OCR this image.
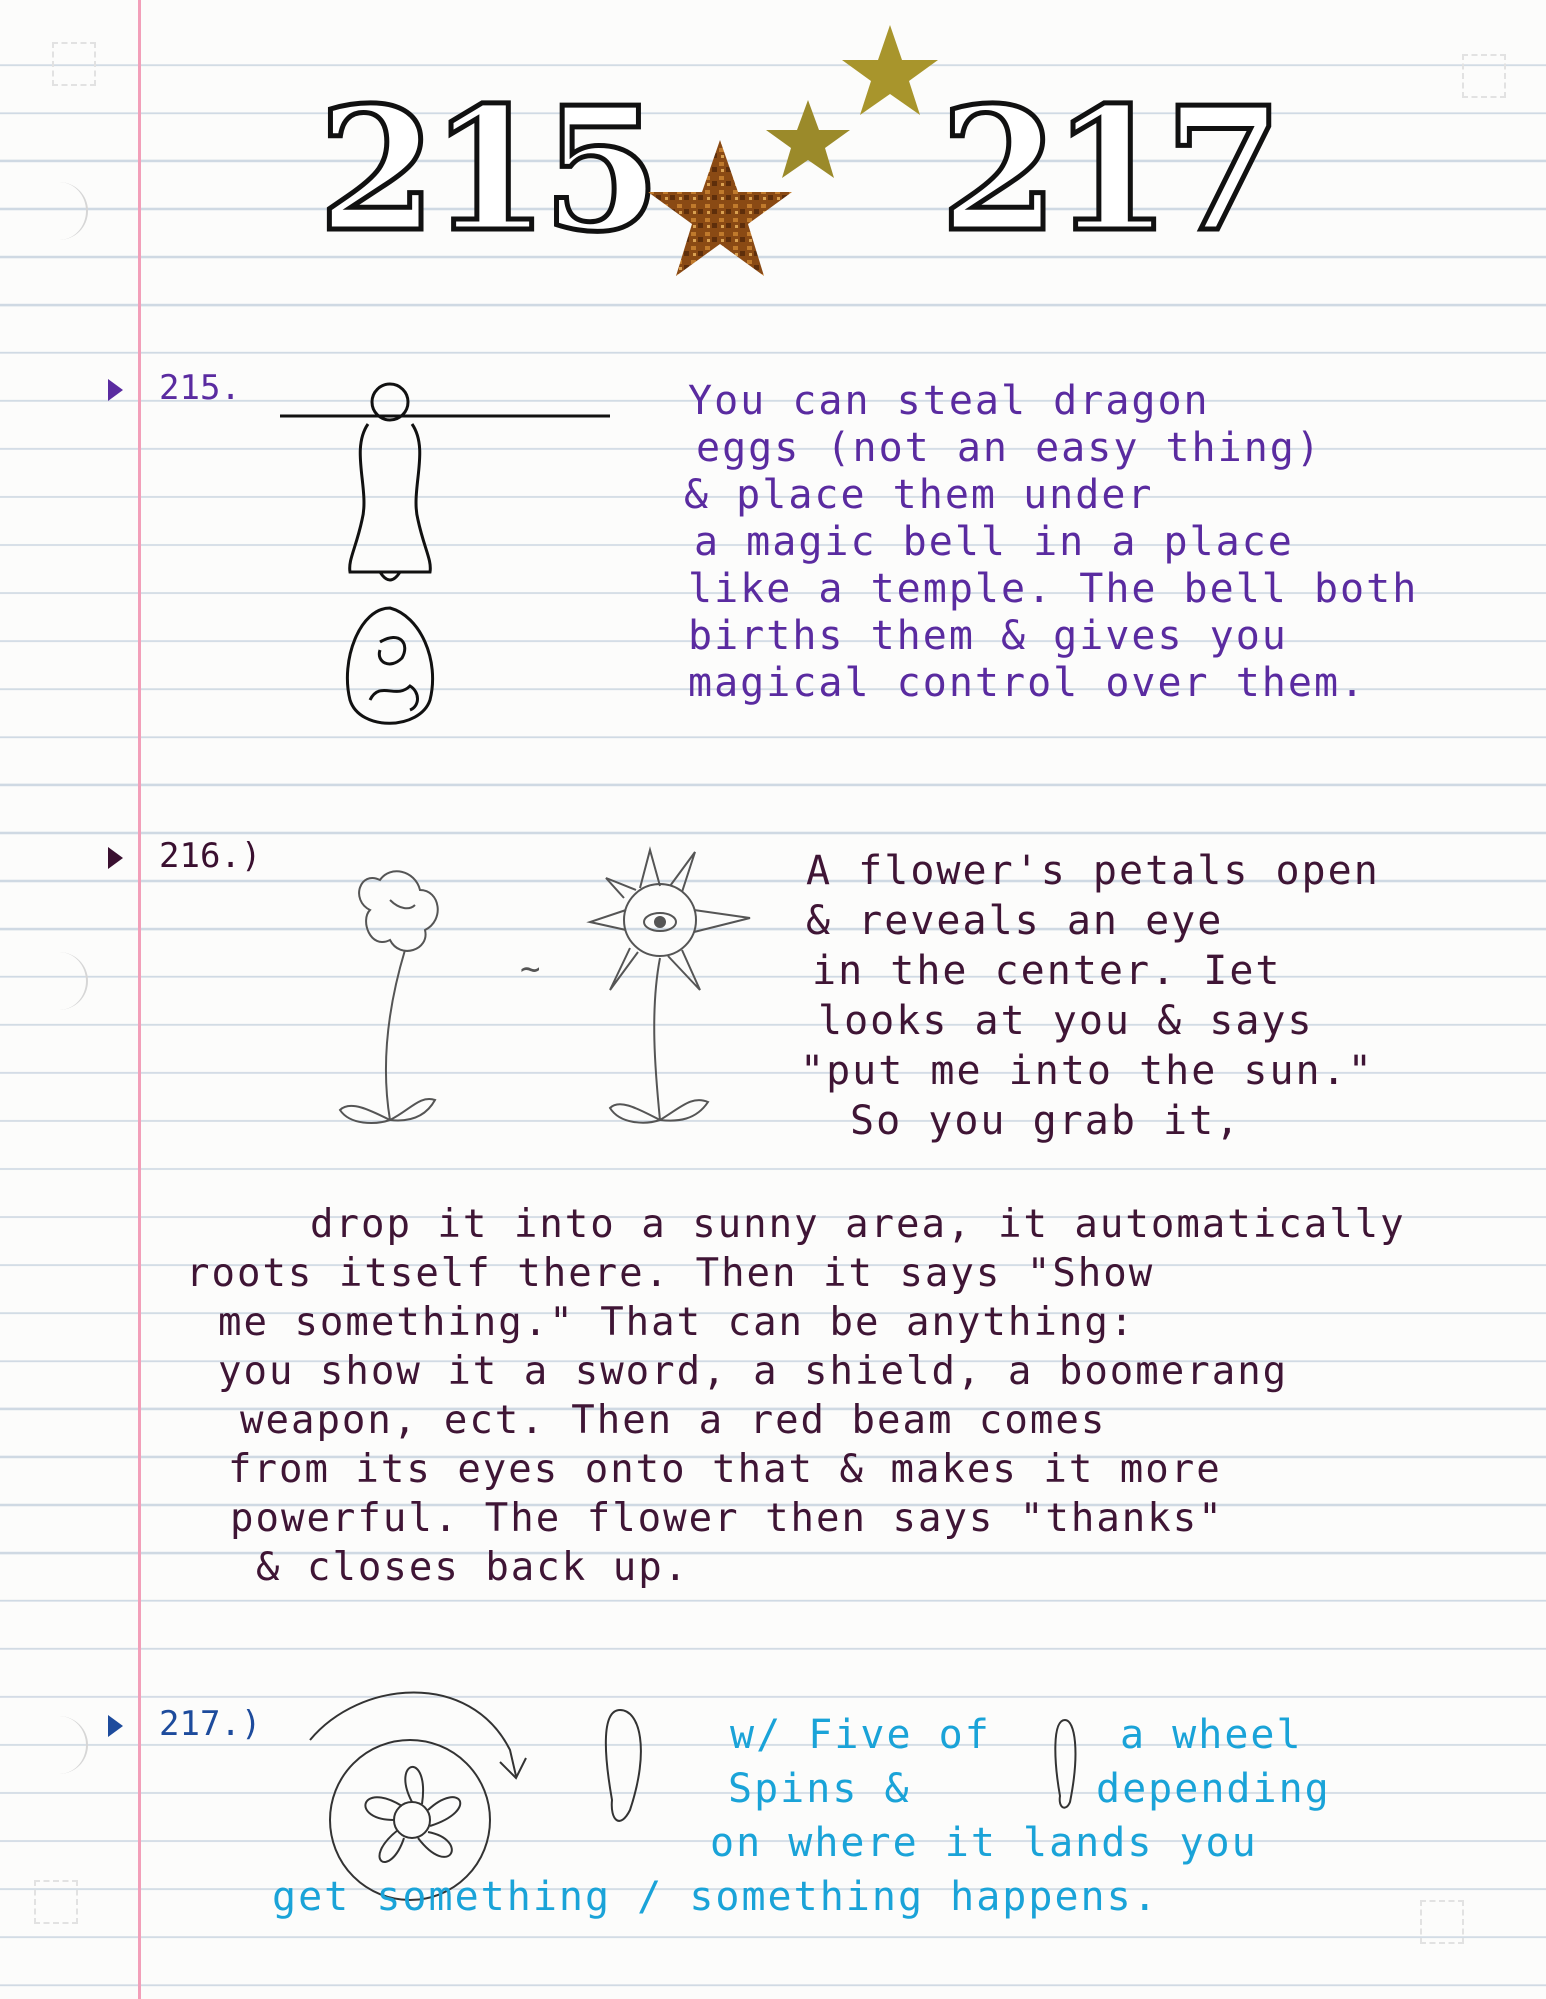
215 217
215.	You can steal dragon
eggs (not an easy thing)
& place them under
a magic bell in a place
like a temple. The bell both
births them & gives you
magical control over them.
216.)
~
A flower's petals open
& reveals an eye
in the center. Iet
looks at you & says
"put me into the sun."
So you grab it,
drop it into a sunny area, it automatically
roots itself there. Then it says "Show
me something." That can be anything:
you show it a sword, a shield, a boomerang
weapon, ect. Then a red beam comes
from its eyes onto that & makes it more
powerful. The flower then says "thanks"
& closes back up.
217.)	w/ Five of	a wheel
Spins &	depending
on where it lands you
get something / something happens.
